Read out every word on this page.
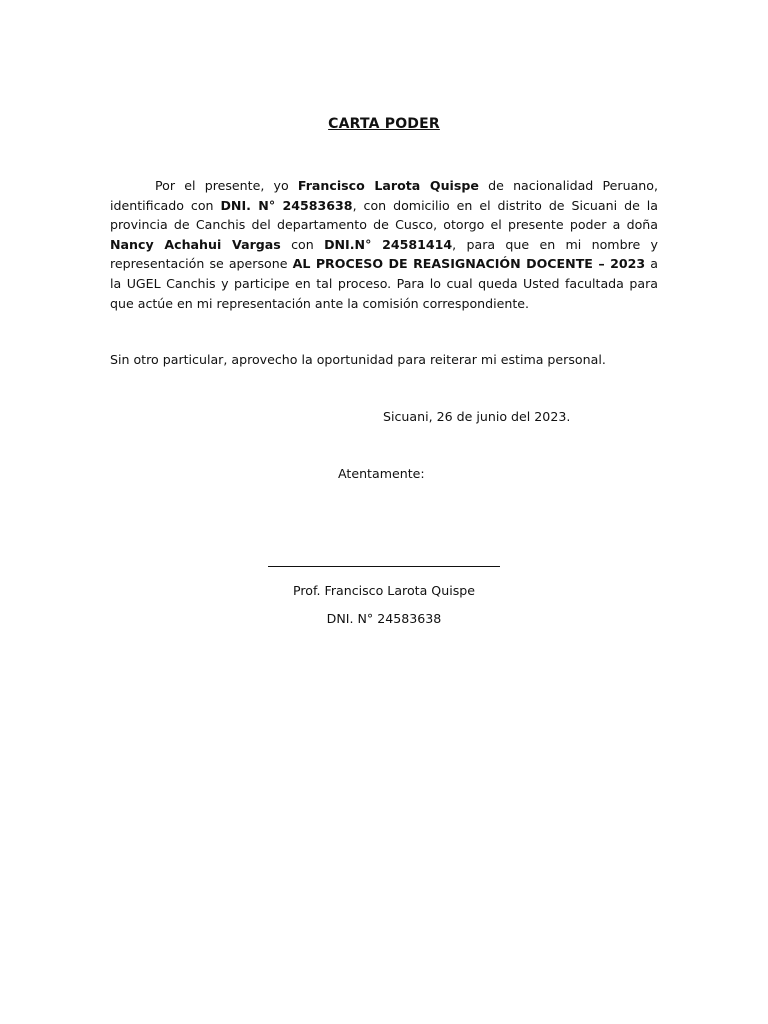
CARTA PODER

Por el presente, yo Francisco Larota Quispe de nacionalidad Peruano, identificado con DNI. N° 24583638, con domicilio en el distrito de Sicuani de la provincia de Canchis del departamento de Cusco, otorgo el presente poder a doña Nancy Achahui Vargas con DNI.N° 24581414, para que en mi nombre y representación se apersone AL PROCESO DE REASIGNACIÓN DOCENTE – 2023 a la UGEL Canchis y participe en tal proceso. Para lo cual queda Usted facultada para que actúe en mi representación ante la comisión correspondiente.

Sin otro particular, aprovecho la oportunidad para reiterar mi estima personal.
Sicuani, 26 de junio del 2023.
Atentamente:
Prof. Francisco Larota Quispe
DNI. N° 24583638
